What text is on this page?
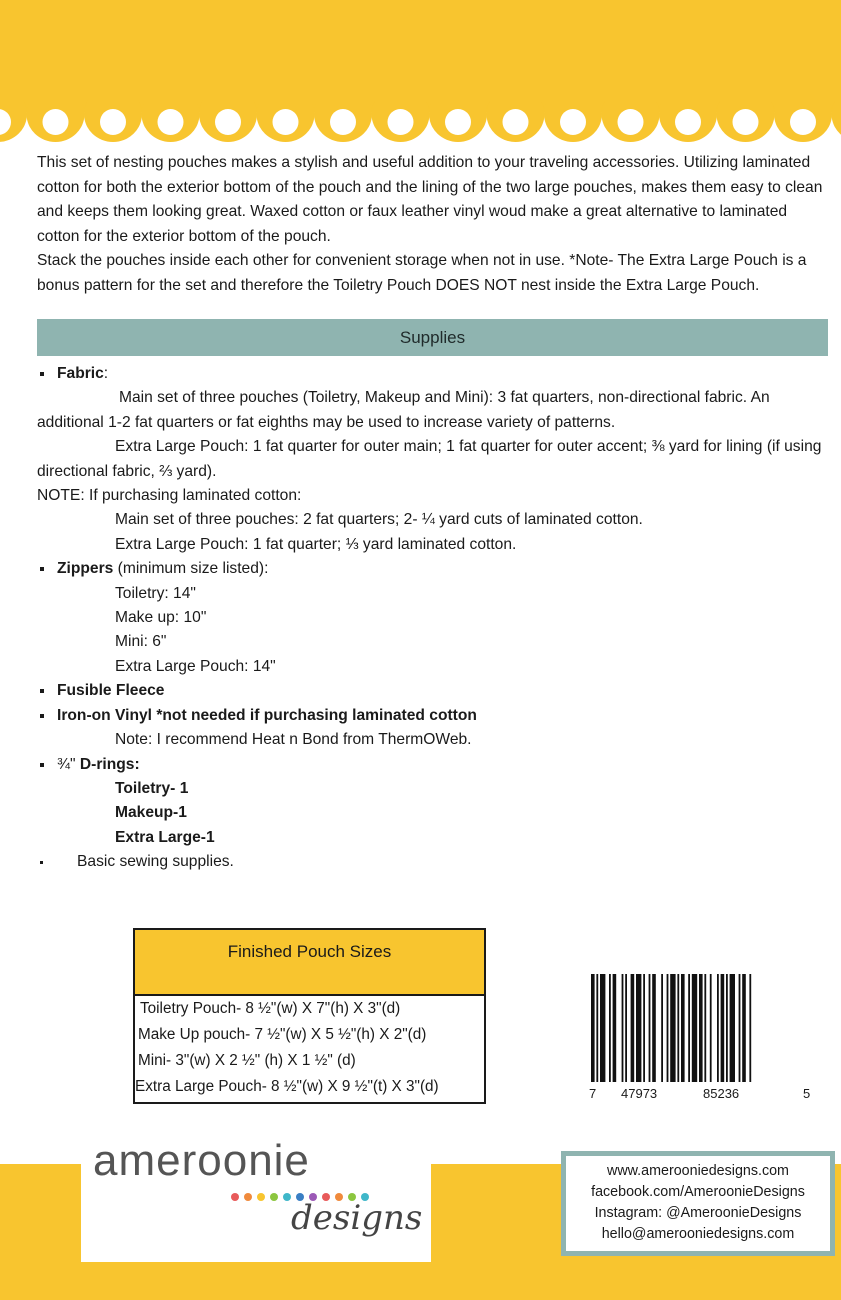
This set of nesting pouches makes a stylish and useful addition to your traveling accessories. Utilizing laminated cotton for both the exterior bottom of the pouch and the lining of the two large pouches, makes them easy to clean and keeps them looking great. Waxed cotton or faux leather vinyl woud make a great alternative to laminated cotton for the exterior bottom of the pouch.

Stack the pouches inside each other for convenient storage when not in use. *Note- The Extra Large Pouch is a bonus pattern for the set and therefore the Toiletry Pouch DOES NOT nest inside the Extra Large Pouch.

Supplies
Fabric:
Main set of three pouches (Toiletry, Makeup and Mini): 3 fat quarters, non-directional fabric. An additional 1-2 fat quarters or fat eighths may be used to increase variety of patterns.
Extra Large Pouch: 1 fat quarter for outer main; 1 fat quarter for outer accent; ⅜ yard for lining (if using directional fabric, ⅔ yard).
NOTE: If purchasing laminated cotton:
Main set of three pouches: 2 fat quarters; 2- ¼ yard cuts of laminated cotton.
Extra Large Pouch: 1 fat quarter; ⅓ yard laminated cotton.
Zippers (minimum size listed):
Toiletry: 14"
Make up: 10"
Mini: 6"
Extra Large Pouch: 14"
Fusible Fleece
Iron-on Vinyl *not needed if purchasing laminated cotton
Note: I recommend Heat n Bond from ThermOWeb.
¾" D-rings:
Toiletry- 1
Makeup-1
Extra Large-1
Basic sewing supplies.
Finished Pouch Sizes
Toiletry Pouch- 8 ½"(w) X 7"(h) X 3"(d)
Make Up pouch- 7 ½"(w) X 5 ½"(h) X 2"(d)
Mini- 3"(w) X 2 ½" (h) X 1 ½" (d)
Extra Large Pouch- 8 ½"(w) X 9 ½"(t) X 3"(d)	7 47973	85236	5
ameroonie
designs
www.amerooniedesigns.com
facebook.com/AmeroonieDesigns
Instagram: @AmeroonieDesigns
hello@amerooniedesigns.com
